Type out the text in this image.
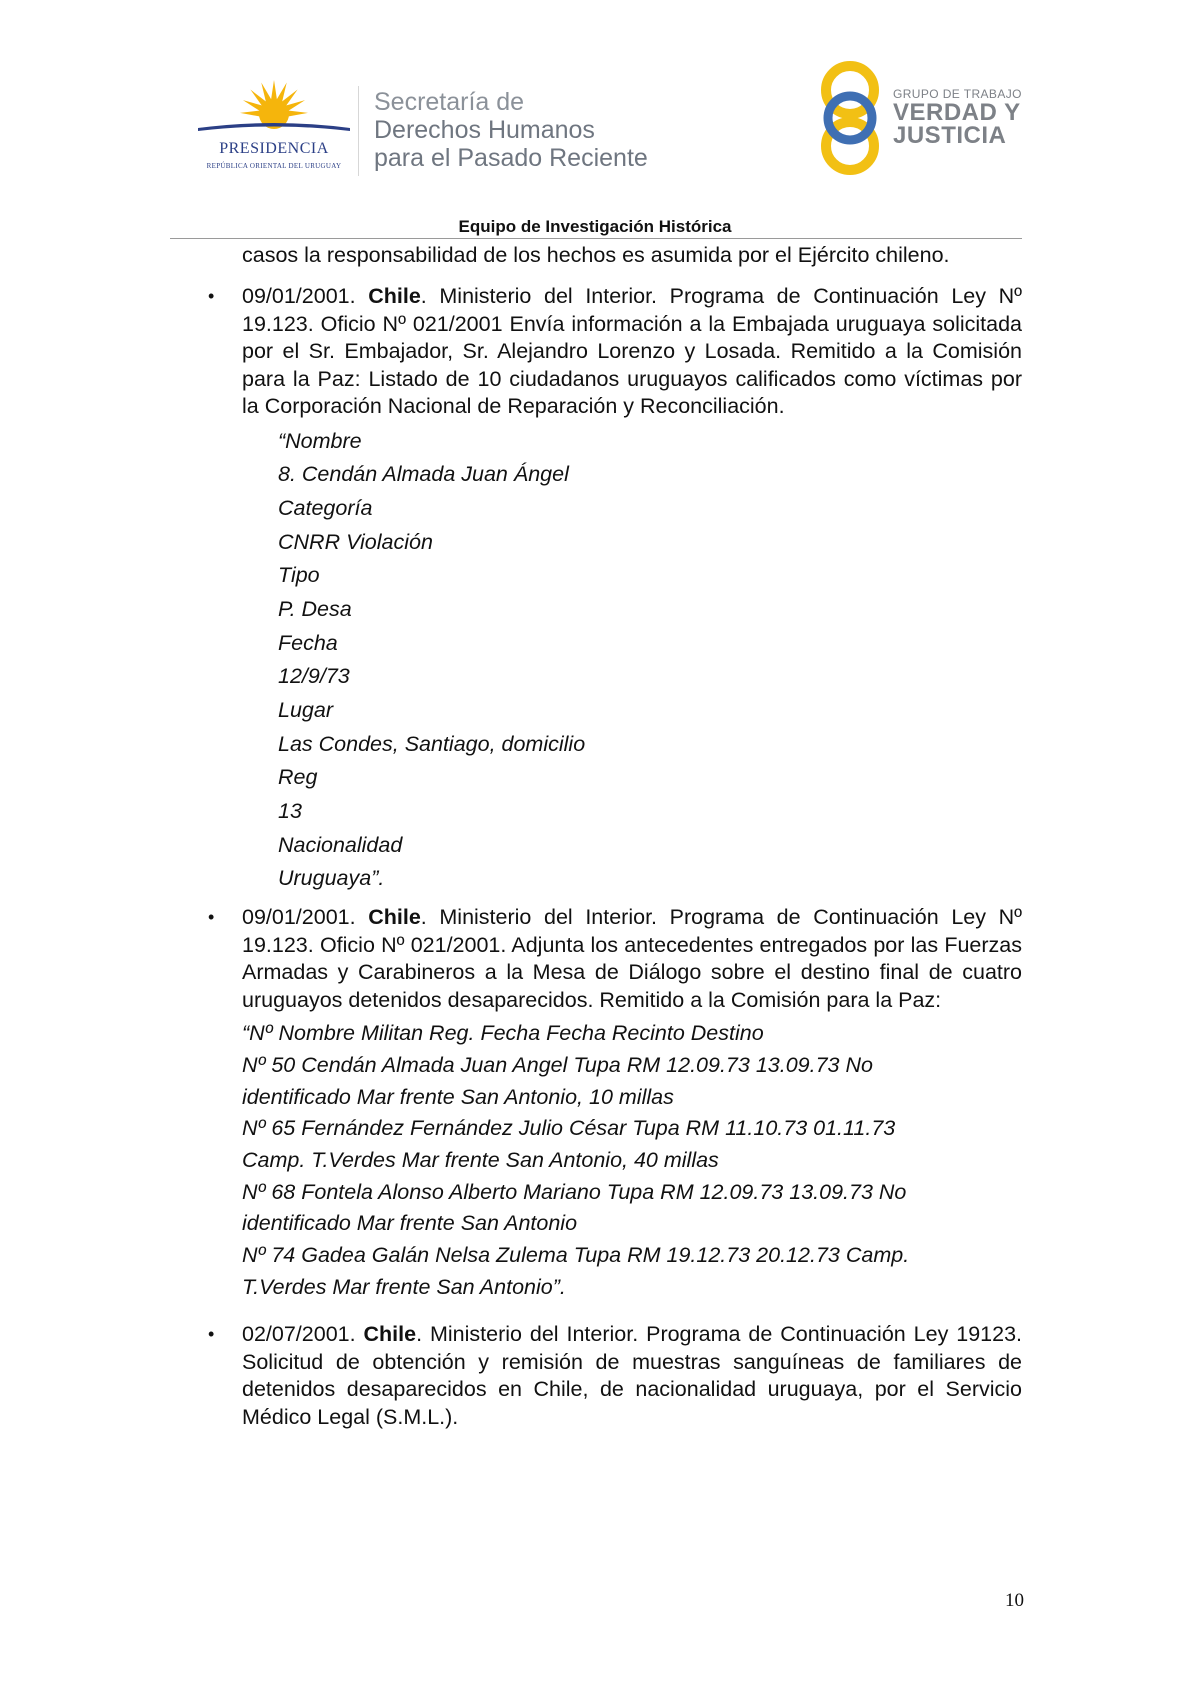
PRESIDENCIA
REPÚBLICA ORIENTAL DEL URUGUAY
Secretaría de
Derechos Humanos
para el Pasado Reciente
GRUPO DE TRABAJO
VERDAD Y
JUSTICIA
Equipo de Investigación Histórica

casos la responsabilidad de los hechos es asumida por el Ejército chileno.

• 09/01/2001. Chile. Ministerio del Interior. Programa de Continuación Ley Nº 19.123. Oficio Nº 021/2001 Envía información a la Embajada uruguaya solicitada por el Sr. Embajador, Sr. Alejandro Lorenzo y Losada. Remitido a la Comisión para la Paz: Listado de 10 ciudadanos uruguayos calificados como víctimas por la Corporación Nacional de Reparación y Reconciliación.

“Nombre
8. Cendán Almada Juan Ángel
Categoría
CNRR Violación
Tipo
P. Desa
Fecha
12/9/73
Lugar
Las Condes, Santiago, domicilio
Reg
13
Nacionalidad
Uruguaya”.
• 09/01/2001. Chile. Ministerio del Interior. Programa de Continuación Ley Nº 19.123. Oficio Nº 021/2001. Adjunta los antecedentes entregados por las Fuerzas Armadas y Carabineros a la Mesa de Diálogo sobre el destino final de cuatro uruguayos detenidos desaparecidos. Remitido a la Comisión para la Paz:

“Nº Nombre Militan Reg. Fecha Fecha Recinto Destino
Nº 50 Cendán Almada Juan Angel Tupa RM 12.09.73 13.09.73 No
identificado Mar frente San Antonio, 10 millas
Nº 65 Fernández Fernández Julio César Tupa RM 11.10.73 01.11.73
Camp. T.Verdes Mar frente San Antonio, 40 millas
Nº 68 Fontela Alonso Alberto Mariano Tupa RM 12.09.73 13.09.73 No
identificado Mar frente San Antonio
Nº 74 Gadea Galán Nelsa Zulema Tupa RM 19.12.73 20.12.73 Camp.
T.Verdes Mar frente San Antonio”.
• 02/07/2001. Chile. Ministerio del Interior. Programa de Continuación Ley 19123. Solicitud de obtención y remisión de muestras sanguíneas de familiares de detenidos desaparecidos en Chile, de nacionalidad uruguaya, por el Servicio Médico Legal (S.M.L.).

10
